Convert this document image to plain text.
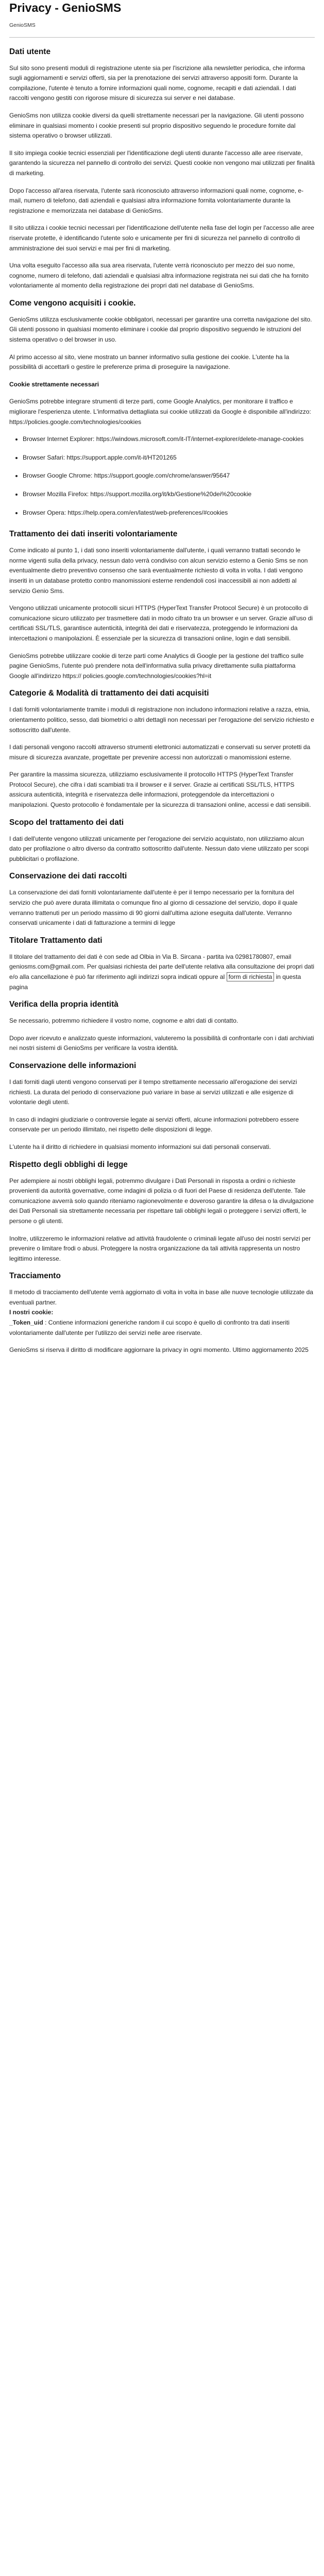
Privacy - GenioSMS
GenioSMS
Dati utente

Sul sito sono presenti moduli di registrazione utente sia per l'iscrizione alla newsletter periodica, che informa sugli aggiornamenti e servizi offerti, sia per la prenotazione dei servizi attraverso appositi form. Durante la compilazione, l'utente è tenuto a fornire informazioni quali nome, cognome, recapiti e dati aziendali. I dati raccolti vengono gestiti con rigorose misure di sicurezza sui server e nei database.

GenioSms non utilizza cookie diversi da quelli strettamente necessari per la navigazione. Gli utenti possono eliminare in qualsiasi momento i cookie presenti sul proprio dispositivo seguendo le procedure fornite dal sistema operativo o browser utilizzati.

Il sito impiega cookie tecnici essenziali per l'identificazione degli utenti durante l'accesso alle aree riservate, garantendo la sicurezza nel pannello di controllo dei servizi. Questi cookie non vengono mai utilizzati per finalità di marketing.

Dopo l'accesso all'area riservata, l'utente sarà riconosciuto attraverso informazioni quali nome, cognome, e-mail, numero di telefono, dati aziendali e qualsiasi altra informazione fornita volontariamente durante la registrazione e memorizzata nei database di GenioSms.

Il sito utilizza i cookie tecnici necessari per l'identificazione dell'utente nella fase del login per l'accesso alle aree riservate protette, è identificando l'utente solo e unicamente per fini di sicurezza nel pannello di controllo di amministrazione dei suoi servizi e mai per fini di marketing.

Una volta eseguito l'accesso alla sua area riservata, l'utente verrà riconosciuto per mezzo dei suo nome, cognome, numero di telefono, dati aziendali e qualsiasi altra informazione registrata nei sui dati che ha fornito volontariamente al momento della registrazione dei propri dati nel database di GenioSms.

Come vengono acquisiti i cookie.

GenioSms utilizza esclusivamente cookie obbligatori, necessari per garantire una corretta navigazione del sito. Gli utenti possono in qualsiasi momento eliminare i cookie dal proprio dispositivo seguendo le istruzioni del sistema operativo o del browser in uso.

Al primo accesso al sito, viene mostrato un banner informativo sulla gestione dei cookie. L'utente ha la possibilità di accettarli o gestire le preferenze prima di proseguire la navigazione.

Cookie strettamente necessari

GenioSms potrebbe integrare strumenti di terze parti, come Google Analytics, per monitorare il traffico e migliorare l'esperienza utente. L'informativa dettagliata sui cookie utilizzati da Google è disponibile all'indirizzo: https://policies.google.com/technologies/cookies

• Browser Internet Explorer: https://windows.microsoft.com/it-IT/internet-explorer/delete-manage-cookies
• Browser Safari: https://support.apple.com/it-it/HT201265
• Browser Google Chrome: https://support.google.com/chrome/answer/95647
• Browser Mozilla Firefox: https://support.mozilla.org/it/kb/Gestione%20dei%20cookie
• Browser Opera: https://help.opera.com/en/latest/web-preferences/#cookies
Trattamento dei dati inseriti volontariamente

Come indicato al punto 1, i dati sono inseriti volontariamente dall'utente, i quali verranno trattati secondo le norme vigenti sulla della privacy, nessun dato verrà condiviso con alcun servizio esterno a Genio Sms se non eventualmente dietro preventivo consenso che sarà eventualmente richiesto di volta in volta. I dati vengono inseriti in un database protetto contro manomissioni esterne rendendoli così inaccessibili ai non addetti al servizio Genio Sms.

Vengono utilizzati unicamente protocolli sicuri HTTPS (HyperText Transfer Protocol Secure) è un protocollo di comunicazione sicuro utilizzato per trasmettere dati in modo cifrato tra un browser e un server. Grazie all'uso di certificati SSL/TLS, garantisce autenticità, integrità dei dati e riservatezza, proteggendo le informazioni da intercettazioni o manipolazioni. È essenziale per la sicurezza di transazioni online, login e dati sensibili.

GenioSms potrebbe utilizzare cookie di terze parti come Analytics di Google per la gestione del traffico sulle pagine GenioSms, l'utente può prendere nota dell'informativa sulla privacy direttamente sulla piattaforma Google all'indirizzo https:// policies.google.com/technologies/cookies?hl=it

Categorie & Modalità di trattamento dei dati acquisiti

I dati forniti volontariamente tramite i moduli di registrazione non includono informazioni relative a razza, etnia, orientamento politico, sesso, dati biometrici o altri dettagli non necessari per l'erogazione del servizio richiesto e sottoscritto dall'utente.

I dati personali vengono raccolti attraverso strumenti elettronici automatizzati e conservati su server protetti da misure di sicurezza avanzate, progettate per prevenire accessi non autorizzati o manomissioni esterne.

Per garantire la massima sicurezza, utilizziamo esclusivamente il protocollo HTTPS (HyperText Transfer Protocol Secure), che cifra i dati scambiati tra il browser e il server. Grazie ai certificati SSL/TLS, HTTPS assicura autenticità, integrità e riservatezza delle informazioni, proteggendole da intercettazioni o manipolazioni. Questo protocollo è fondamentale per la sicurezza di transazioni online, accessi e dati sensibili.

Scopo del trattamento dei dati

I dati dell'utente vengono utilizzati unicamente per l'erogazione dei servizio acquistato, non utilizziamo alcun dato per profilazione o altro diverso da contratto sottoscritto dall'utente. Nessun dato viene utilizzato per scopi pubblicitari o profilazione.

Conservazione dei dati raccolti

La conservazione dei dati forniti volontariamente dall'utente è per il tempo necessario per la fornitura del servizio che può avere durata illimitata o comunque fino al giorno di cessazione del servizio, dopo il quale verranno trattenuti per un periodo massimo di 90 giorni dall'ultima azione eseguita dall'utente. Verranno conservati unicamente i dati di fatturazione a termini di legge

Titolare Trattamento dati

Il titolare del trattamento dei dati è con sede ad Olbia in Via B. Sircana - partita iva 02981780807, email geniosms.com@gmail.com. Per qualsiasi richiesta dei parte dell'utente relativa alla consultazione dei propri dati e/o alla cancellazione è può far riferimento agli indirizzi sopra indicati oppure al form di richiesta in questa pagina

Verifica della propria identità

Se necessario, potremmo richiedere il vostro nome, cognome e altri dati di contatto.

Dopo aver ricevuto e analizzato queste informazioni, valuteremo la possibilità di confrontarle con i dati archiviati nei nostri sistemi di GenioSms per verificare la vostra identità.

Conservazione delle informazioni

I dati forniti dagli utenti vengono conservati per il tempo strettamente necessario all'erogazione dei servizi richiesti. La durata del periodo di conservazione può variare in base ai servizi utilizzati e alle esigenze di volontarie degli utenti.

In caso di indagini giudiziarie o controversie legate ai servizi offerti, alcune informazioni potrebbero essere conservate per un periodo illimitato, nei rispetto delle disposizioni di legge.

L'utente ha il diritto di richiedere in qualsiasi momento informazioni sui dati personali conservati.

Rispetto degli obblighi di legge

Per adempiere ai nostri obblighi legali, potremmo divulgare i Dati Personali in risposta a ordini o richieste provenienti da autorità governative, come indagini di polizia o di fuori del Paese di residenza dell'utente. Tale comunicazione avverrà solo quando riteniamo ragionevolmente e doveroso garantire la difesa o la divulgazione dei Dati Personali sia strettamente necessaria per rispettare tali obblighi legali o proteggere i servizi offerti, le persone o gli utenti.

Inoltre, utilizzeremo le informazioni relative ad attività fraudolente o criminali legate all'uso dei nostri servizi per prevenire o limitare frodi o abusi. Proteggere la nostra organizzazione da tali attività rappresenta un nostro legittimo interesse.

Tracciamento

Il metodo di tracciamento dell'utente verrà aggiornato di volta in volta in base alle nuove tecnologie utilizzate da eventuali partner.
I nostri cookie:
_Token_uid : Contiene informazioni generiche random il cui scopo è quello di confronto tra dati inseriti volontariamente dall'utente per l'utilizzo dei servizi nelle aree riservate.

GenioSms si riserva il diritto di modificare aggiornare la privacy in ogni momento. Ultimo aggiornamento 2025
